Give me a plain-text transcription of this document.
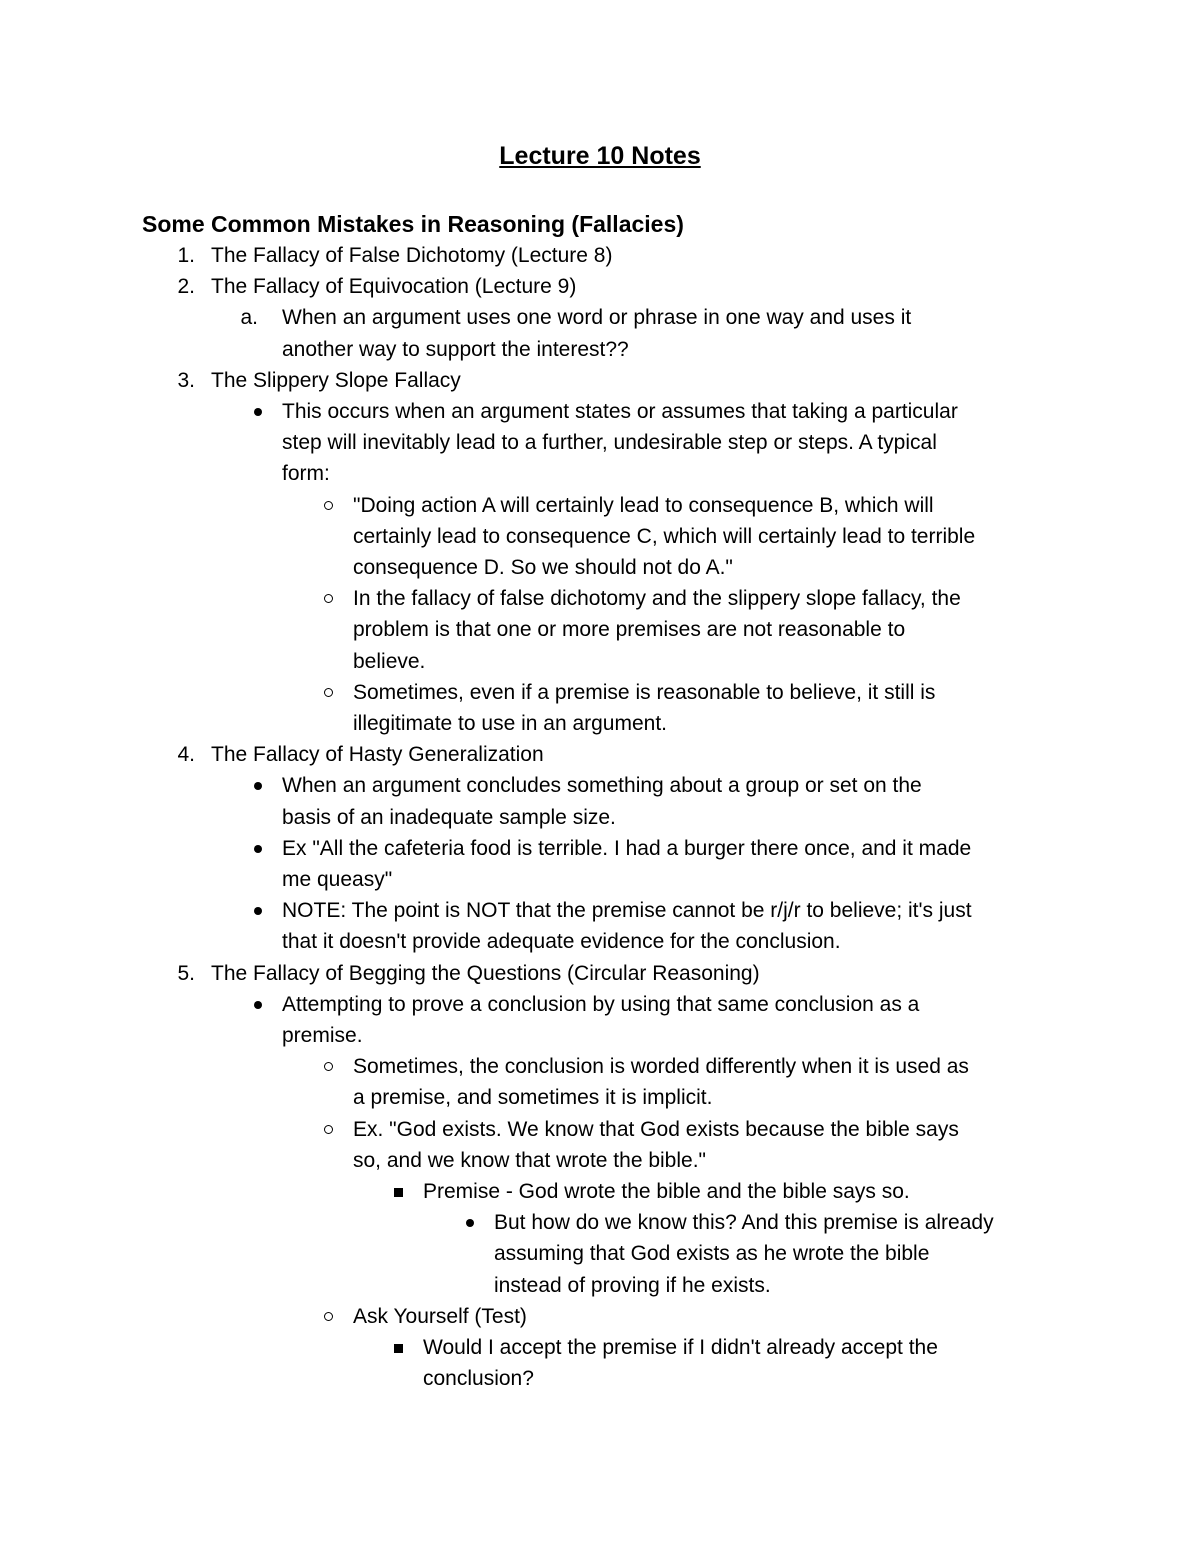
Lecture 10 Notes
Some Common Mistakes in Reasoning (Fallacies)
1. The Fallacy of False Dichotomy (Lecture 8)
2. The Fallacy of Equivocation (Lecture 9)
a. When an argument uses one word or phrase in one way and uses it
another way to support the interest??
3. The Slippery Slope Fallacy
This occurs when an argument states or assumes that taking a particular
step will inevitably lead to a further, undesirable step or steps. A typical
form:
"Doing action A will certainly lead to consequence B, which will
certainly lead to consequence C, which will certainly lead to terrible
consequence D. So we should not do A."
In the fallacy of false dichotomy and the slippery slope fallacy, the
problem is that one or more premises are not reasonable to
believe.
Sometimes, even if a premise is reasonable to believe, it still is
illegitimate to use in an argument.
4. The Fallacy of Hasty Generalization
When an argument concludes something about a group or set on the
basis of an inadequate sample size.
Ex "All the cafeteria food is terrible. I had a burger there once, and it made
me queasy"
NOTE: The point is NOT that the premise cannot be r/j/r to believe; it's just
that it doesn't provide adequate evidence for the conclusion.
5. The Fallacy of Begging the Questions (Circular Reasoning)
Attempting to prove a conclusion by using that same conclusion as a
premise.
Sometimes, the conclusion is worded differently when it is used as
a premise, and sometimes it is implicit.
Ex. "God exists. We know that God exists because the bible says
so, and we know that wrote the bible."
Premise - God wrote the bible and the bible says so.
But how do we know this? And this premise is already
assuming that God exists as he wrote the bible
instead of proving if he exists.
Ask Yourself (Test)
Would I accept the premise if I didn't already accept the
conclusion?
